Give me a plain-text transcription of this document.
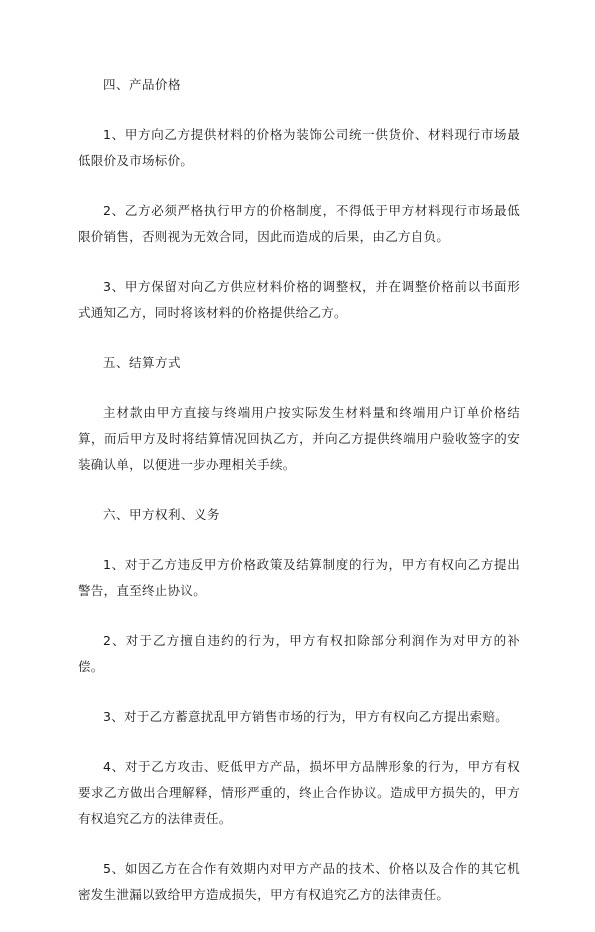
四、产品价格

1、甲方向乙方提供材料的价格为装饰公司统一供货价、材料现行市场最低限价及市场标价。

2、乙方必须严格执行甲方的价格制度，不得低于甲方材料现行市场最低限价销售，否则视为无效合同，因此而造成的后果，由乙方自负。

3、甲方保留对向乙方供应材料价格的调整权，并在调整价格前以书面形式通知乙方，同时将该材料的价格提供给乙方。

五、结算方式

主材款由甲方直接与终端用户按实际发生材料量和终端用户订单价格结算，而后甲方及时将结算情况回执乙方，并向乙方提供终端用户验收签字的安装确认单，以便进一步办理相关手续。

六、甲方权利、义务

1、对于乙方违反甲方价格政策及结算制度的行为，甲方有权向乙方提出警告，直至终止协议。

2、对于乙方擅自违约的行为，甲方有权扣除部分利润作为对甲方的补偿。

3、对于乙方蓄意扰乱甲方销售市场的行为，甲方有权向乙方提出索赔。

4、对于乙方攻击、贬低甲方产品，损坏甲方品牌形象的行为，甲方有权要求乙方做出合理解释，情形严重的，终止合作协议。造成甲方损失的，甲方有权追究乙方的法律责任。

5、如因乙方在合作有效期内对甲方产品的技术、价格以及合作的其它机密发生泄漏以致给甲方造成损失，甲方有权追究乙方的法律责任。
